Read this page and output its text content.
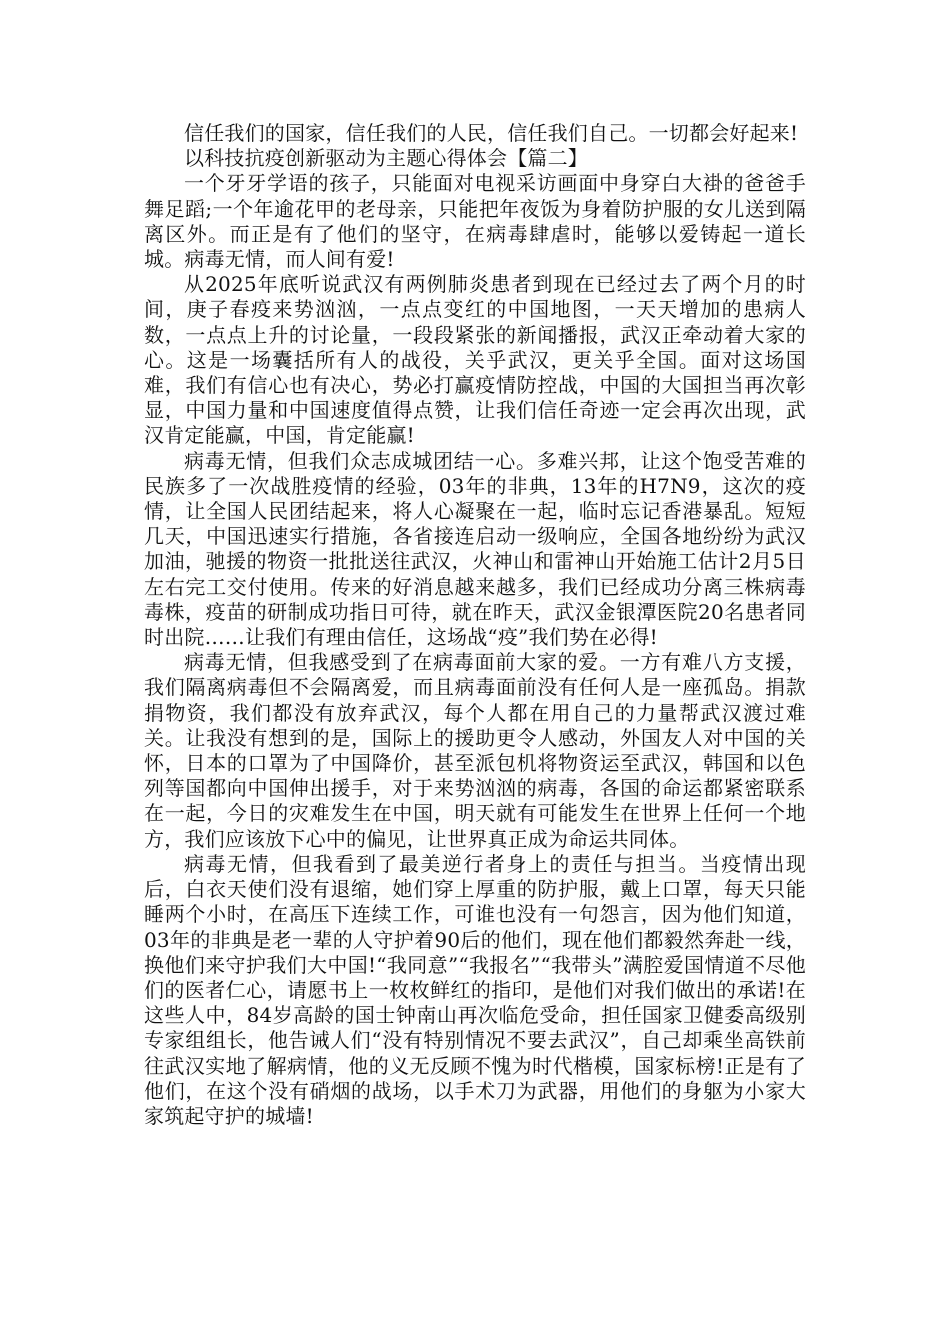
信任我们的国家，信任我们的人民，信任我们自己。一切都会好起来!

以科技抗疫创新驱动为主题心得体会【篇二】

一个牙牙学语的孩子，只能面对电视采访画面中身穿白大褂的爸爸手舞足蹈;一个年逾花甲的老母亲，只能把年夜饭为身着防护服的女儿送到隔离区外。而正是有了他们的坚守，在病毒肆虐时，能够以爱铸起一道长城。病毒无情，而人间有爱!

从2025年底听说武汉有两例肺炎患者到现在已经过去了两个月的时间，庚子春疫来势汹汹，一点点变红的中国地图，一天天增加的患病人数，一点点上升的讨论量，一段段紧张的新闻播报，武汉正牵动着大家的心。这是一场囊括所有人的战役，关乎武汉，更关乎全国。面对这场国难，我们有信心也有决心，势必打赢疫情防控战，中国的大国担当再次彰显，中国力量和中国速度值得点赞，让我们信任奇迹一定会再次出现，武汉肯定能赢，中国，肯定能赢!

病毒无情，但我们众志成城团结一心。多难兴邦，让这个饱受苦难的民族多了一次战胜疫情的经验，03年的非典，13年的H7N9，这次的疫情，让全国人民团结起来，将人心凝聚在一起，临时忘记香港暴乱。短短几天，中国迅速实行措施，各省接连启动一级响应，全国各地纷纷为武汉加油，驰援的物资一批批送往武汉，火神山和雷神山开始施工估计2月5日左右完工交付使用。传来的好消息越来越多，我们已经成功分离三株病毒毒株，疫苗的研制成功指日可待，就在昨天，武汉金银潭医院20名患者同时出院……让我们有理由信任，这场战“疫”我们势在必得!

病毒无情，但我感受到了在病毒面前大家的爱。一方有难八方支援，我们隔离病毒但不会隔离爱，而且病毒面前没有任何人是一座孤岛。捐款捐物资，我们都没有放弃武汉，每个人都在用自己的力量帮武汉渡过难关。让我没有想到的是，国际上的援助更令人感动，外国友人对中国的关怀，日本的口罩为了中国降价，甚至派包机将物资运至武汉，韩国和以色列等国都向中国伸出援手，对于来势汹汹的病毒，各国的命运都紧密联系在一起，今日的灾难发生在中国，明天就有可能发生在世界上任何一个地方，我们应该放下心中的偏见，让世界真正成为命运共同体。

病毒无情，但我看到了最美逆行者身上的责任与担当。当疫情出现后，白衣天使们没有退缩，她们穿上厚重的防护服，戴上口罩，每天只能睡两个小时，在高压下连续工作，可谁也没有一句怨言，因为他们知道，03年的非典是老一辈的人守护着90后的他们，现在他们都毅然奔赴一线，换他们来守护我们大中国!“我同意”“我报名”“我带头”满腔爱国情道不尽他们的医者仁心，请愿书上一枚枚鲜红的指印，是他们对我们做出的承诺!在这些人中，84岁高龄的国士钟南山再次临危受命，担任国家卫健委高级别专家组组长，他告诫人们“没有特别情况不要去武汉”，自己却乘坐高铁前往武汉实地了解病情，他的义无反顾不愧为时代楷模，国家标榜!正是有了他们，在这个没有硝烟的战场，以手术刀为武器，用他们的身躯为小家大家筑起守护的城墙!
